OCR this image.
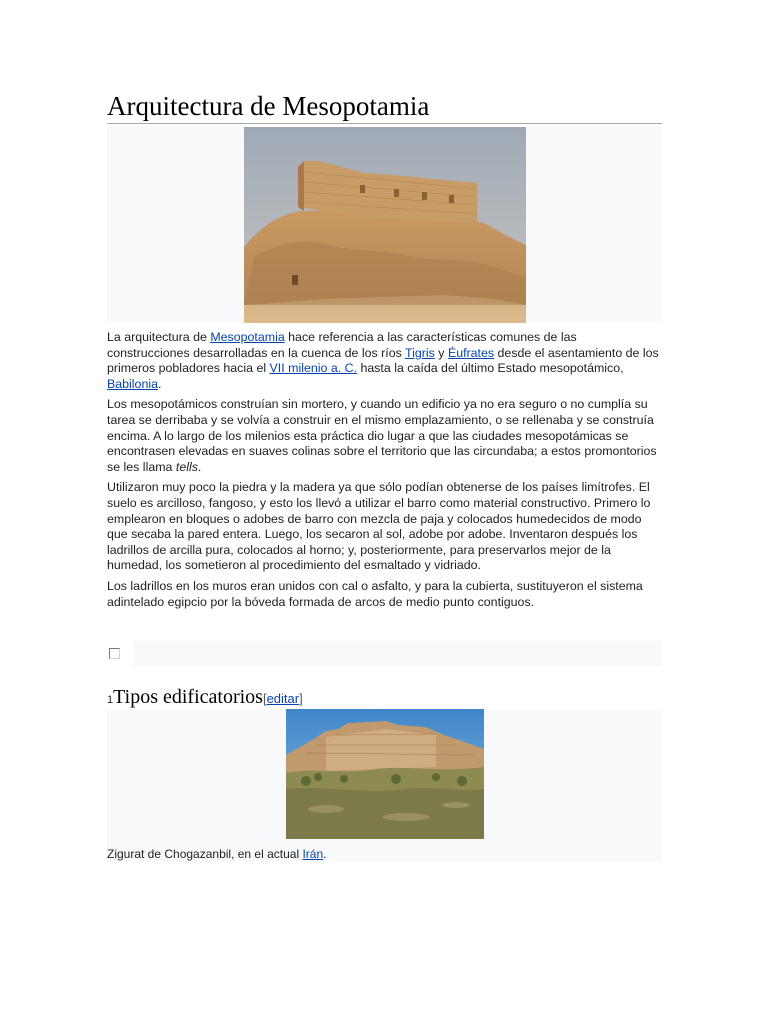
Arquitectura de Mesopotamia

La arquitectura de Mesopotamia hace referencia a las características comunes de las construcciones desarrolladas en la cuenca de los ríos Tigris y Éufrates desde el asentamiento de los primeros pobladores hacia el VII milenio a. C. hasta la caída del último Estado mesopotámico, Babilonia.

Los mesopotámicos construían sin mortero, y cuando un edificio ya no era seguro o no cumplía su tarea se derribaba y se volvía a construir en el mismo emplazamiento, o se rellenaba y se construía encima. A lo largo de los milenios esta práctica dio lugar a que las ciudades mesopotámicas se encontrasen elevadas en suaves colinas sobre el territorio que las circundaba; a estos promontorios se les llama tells.

Utilizaron muy poco la piedra y la madera ya que sólo podían obtenerse de los países limítrofes. El suelo es arcilloso, fangoso, y esto los llevó a utilizar el barro como material constructivo. Primero lo emplearon en bloques o adobes de barro con mezcla de paja y colocados humedecidos de modo que secaba la pared entera. Luego, los secaron al sol, adobe por adobe. Inventaron después los ladrillos de arcilla pura, colocados al horno; y, posteriormente, para preservarlos mejor de la humedad, los sometieron al procedimiento del esmaltado y vidriado.

Los ladrillos en los muros eran unidos con cal o asfalto, y para la cubierta, sustituyeron el sistema adintelado egipcio por la bóveda formada de arcos de medio punto contiguos.

1Tipos edificatorios[editar]
Zigurat de Chogazanbil, en el actual Irán.
